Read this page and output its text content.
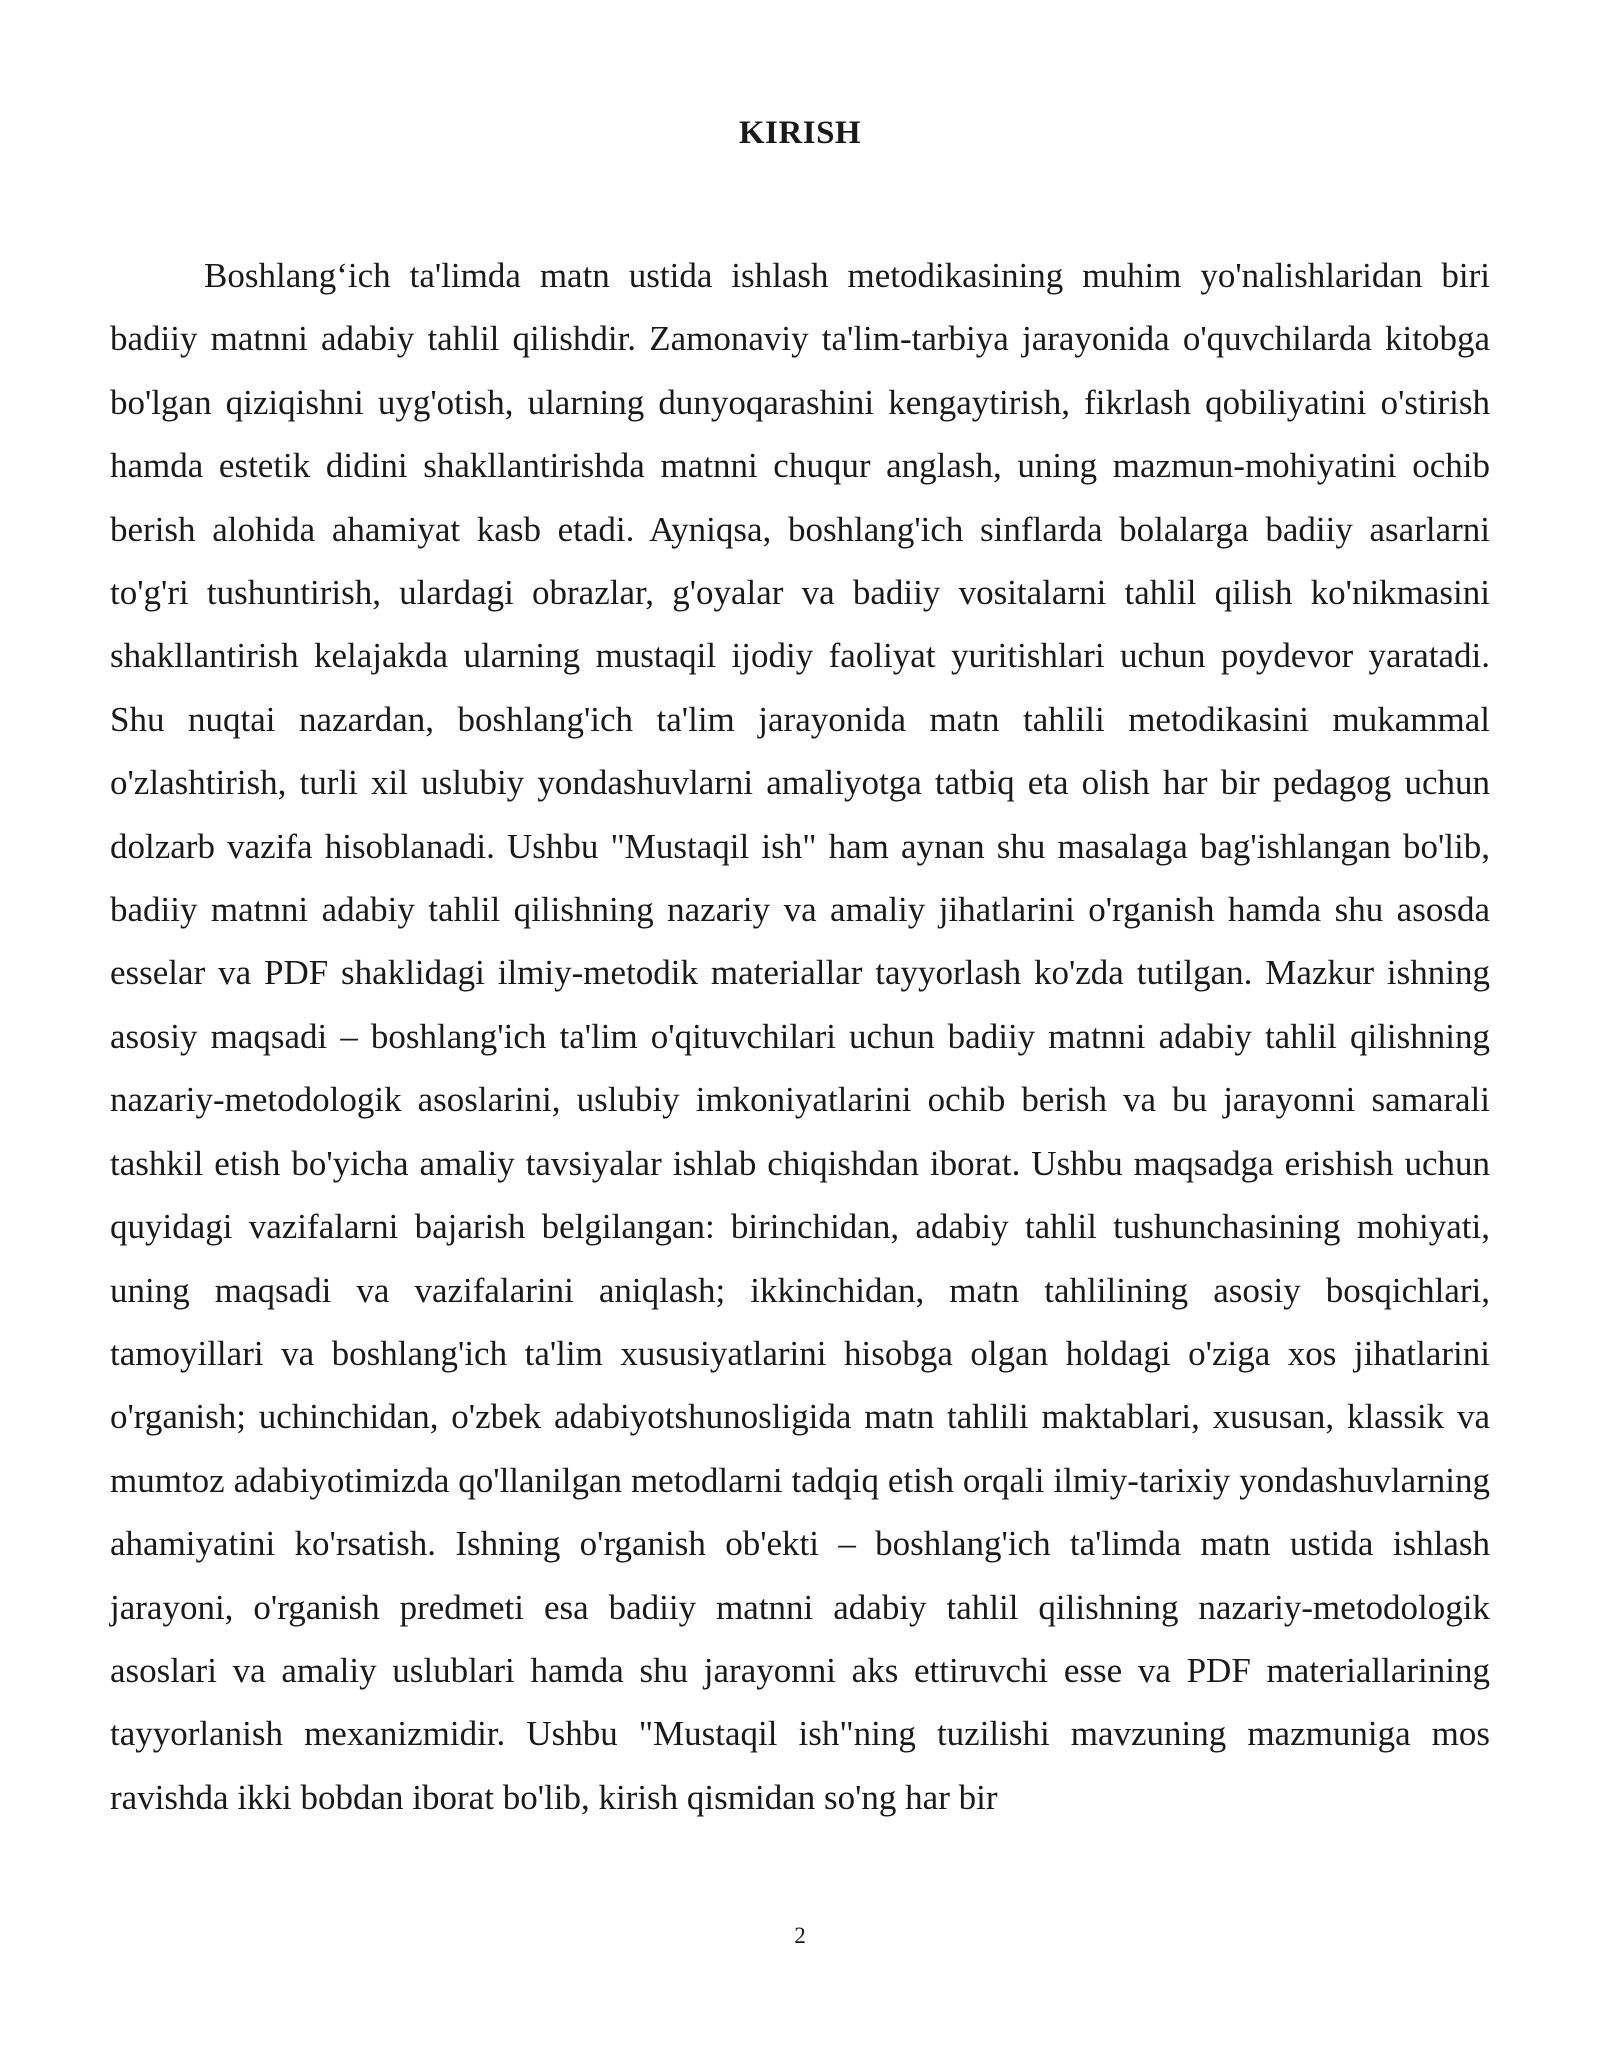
KIRISH

Boshlang‘ich ta'limda matn ustida ishlash metodikasining muhim yo'nalishlaridan biri badiiy matnni adabiy tahlil qilishdir. Zamonaviy ta'lim-tarbiya jarayonida o'quvchilarda kitobga bo'lgan qiziqishni uyg'otish, ularning dunyoqarashini kengaytirish, fikrlash qobiliyatini o'stirish hamda estetik didini shakllantirishda matnni chuqur anglash, uning mazmun-mohiyatini ochib berish alohida ahamiyat kasb etadi. Ayniqsa, boshlang'ich sinflarda bolalarga badiiy asarlarni to'g'ri tushuntirish, ulardagi obrazlar, g'oyalar va badiiy vositalarni tahlil qilish ko'nikmasini shakllantirish kelajakda ularning mustaqil ijodiy faoliyat yuritishlari uchun poydevor yaratadi. Shu nuqtai nazardan, boshlang'ich ta'lim jarayonida matn tahlili metodikasini mukammal o'zlashtirish, turli xil uslubiy yondashuvlarni amaliyotga tatbiq eta olish har bir pedagog uchun dolzarb vazifa hisoblanadi. Ushbu "Mustaqil ish" ham aynan shu masalaga bag'ishlangan bo'lib, badiiy matnni adabiy tahlil qilishning nazariy va amaliy jihatlarini o'rganish hamda shu asosda esselar va PDF shaklidagi ilmiy-metodik materiallar tayyorlash ko'zda tutilgan. Mazkur ishning asosiy maqsadi – boshlang'ich ta'lim o'qituvchilari uchun badiiy matnni adabiy tahlil qilishning nazariy-metodologik asoslarini, uslubiy imkoniyatlarini ochib berish va bu jarayonni samarali tashkil etish bo'yicha amaliy tavsiyalar ishlab chiqishdan iborat. Ushbu maqsadga erishish uchun quyidagi vazifalarni bajarish belgilangan: birinchidan, adabiy tahlil tushunchasining mohiyati, uning maqsadi va vazifalarini aniqlash; ikkinchidan, matn tahlilining asosiy bosqichlari, tamoyillari va boshlang'ich ta'lim xususiyatlarini hisobga olgan holdagi o'ziga xos jihatlarini o'rganish; uchinchidan, o'zbek adabiyotshunosligida matn tahlili maktablari, xususan, klassik va mumtoz adabiyotimizda qo'llanilgan metodlarni tadqiq etish orqali ilmiy-tarixiy yondashuvlarning ahamiyatini ko'rsatish. Ishning o'rganish ob'ekti – boshlang'ich ta'limda matn ustida ishlash jarayoni, o'rganish predmeti esa badiiy matnni adabiy tahlil qilishning nazariy-metodologik asoslari va amaliy uslublari hamda shu jarayonni aks ettiruvchi esse va PDF materiallarining tayyorlanish mexanizmidir. Ushbu "Mustaqil ish"ning tuzilishi mavzuning mazmuniga mos ravishda ikki bobdan iborat bo'lib, kirish qismidan so'ng har bir

2
